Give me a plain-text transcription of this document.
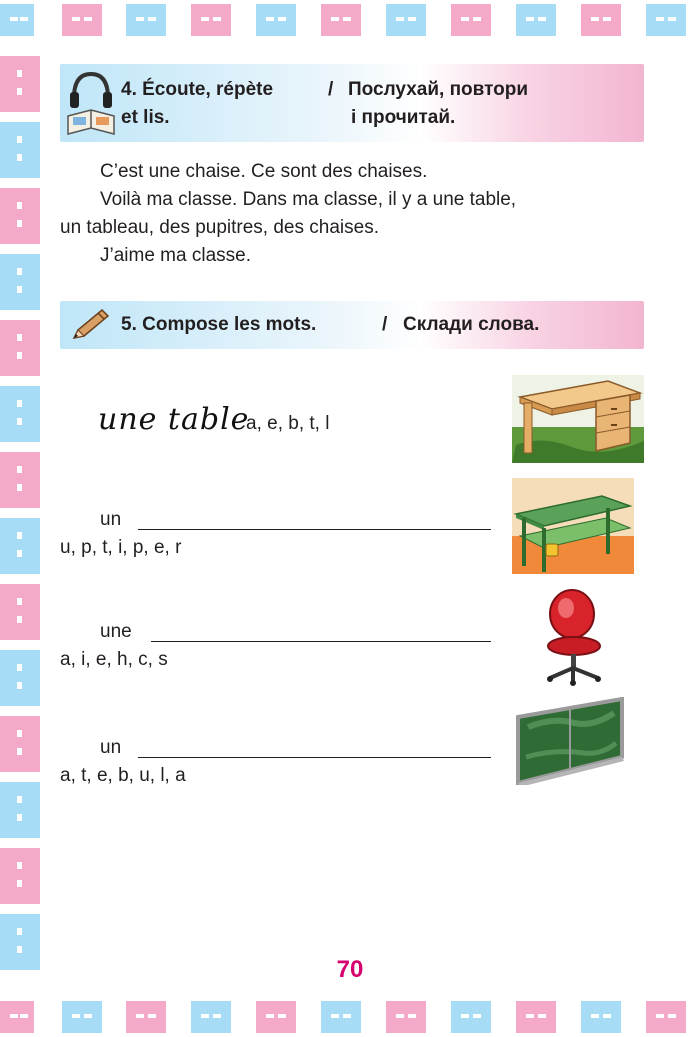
4. Écoute, répète	/ Послухай, повтори
et lis.	і прочитай.
C’est une chaise. Ce sont des chaises.
Voilà ma classe. Dans ma classe, il y a une table,
un tableau, des pupitres, des chaises.
J’aime ma classe.
5. Compose les mots.	/ Склади слова.
une table
a, e, b, t, l
un
u, p, t, i, p, e, r
une
a, i, e, h, c, s
un
a, t, e, b, u, l, a
70
